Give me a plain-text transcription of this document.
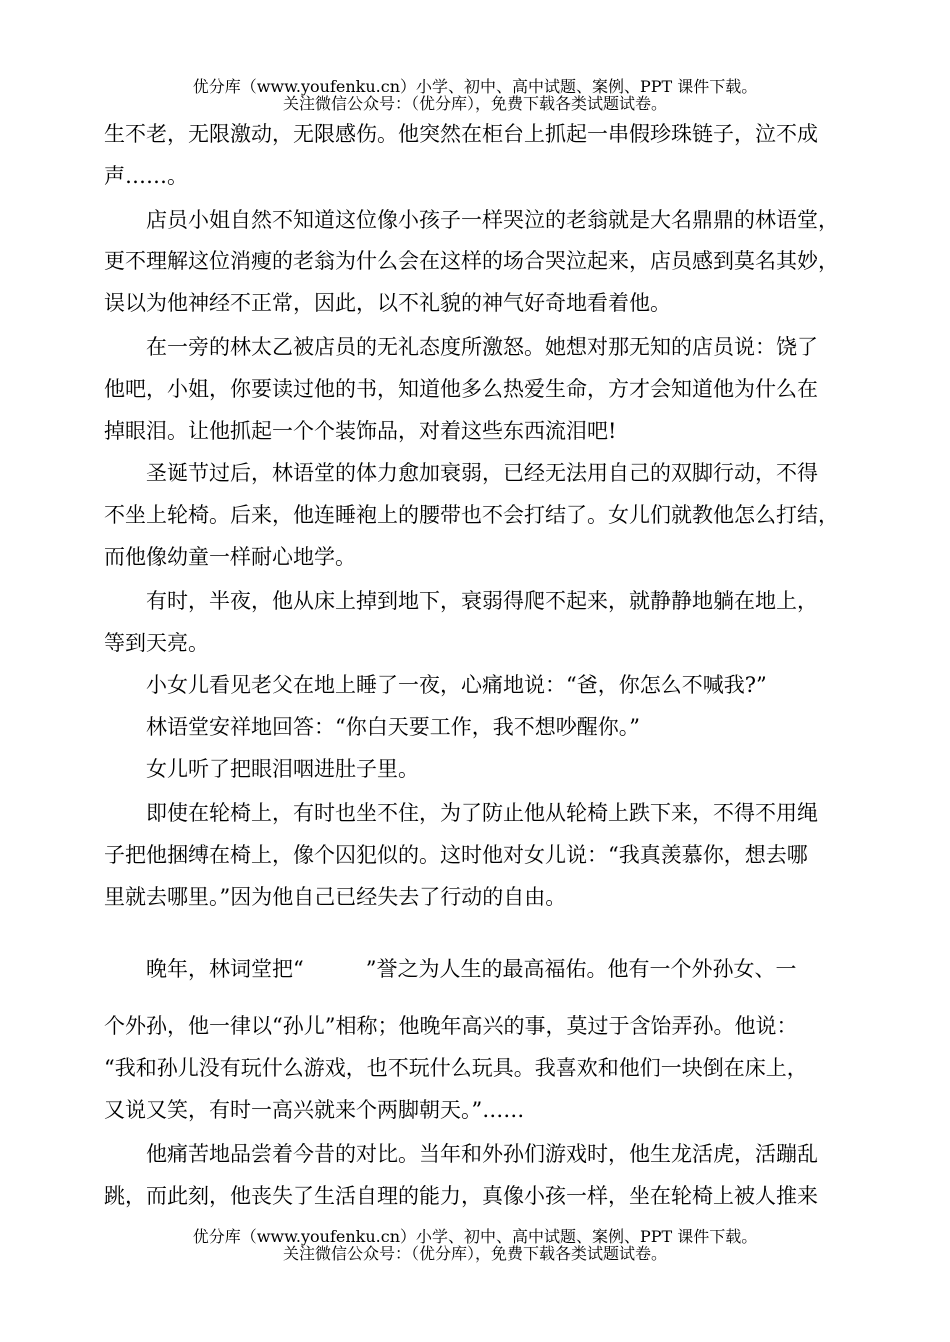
优分库（www.youfenku.cn）小学、初中、高中试题、案例、PPT 课件下载。
关注微信公众号：（优分库），免费下载各类试题试卷。
生不老，无限激动，无限感伤。他突然在柜台上抓起一串假珍珠链子，泣不成
声……。
店员小姐自然不知道这位像小孩子一样哭泣的老翁就是大名鼎鼎的林语堂，
更不理解这位消瘦的老翁为什么会在这样的场合哭泣起来，店员感到莫名其妙，
误以为他神经不正常，因此，以不礼貌的神气好奇地看着他。
在一旁的林太乙被店员的无礼态度所激怒。她想对那无知的店员说：饶了
他吧，小姐，你要读过他的书，知道他多么热爱生命，方才会知道他为什么在
掉眼泪。让他抓起一个个装饰品，对着这些东西流泪吧!
圣诞节过后，林语堂的体力愈加衰弱，已经无法用自己的双脚行动，不得
不坐上轮椅。后来，他连睡袍上的腰带也不会打结了。女儿们就教他怎么打结，
而他像幼童一样耐心地学。
有时，半夜，他从床上掉到地下，衰弱得爬不起来，就静静地躺在地上，
等到天亮。
小女儿看见老父在地上睡了一夜，心痛地说：“爸，你怎么不喊我?”
林语堂安祥地回答：“你白天要工作，我不想吵醒你。”
女儿听了把眼泪咽进肚子里。
即使在轮椅上，有时也坐不住，为了防止他从轮椅上跌下来，不得不用绳
子把他捆缚在椅上，像个囚犯似的。这时他对女儿说：“我真羡慕你，想去哪
里就去哪里。”因为他自己已经失去了行动的自由。
晚年，林词堂把“	”誉之为人生的最高福佑。他有一个外孙女、一
个外孙，他一律以“孙儿”相称；他晚年高兴的事，莫过于含饴弄孙。他说：
“我和孙儿没有玩什么游戏，也不玩什么玩具。我喜欢和他们一块倒在床上，
又说又笑，有时一高兴就来个两脚朝天。”……
他痛苦地品尝着今昔的对比。当年和外孙们游戏时，他生龙活虎，活蹦乱
跳，而此刻，他丧失了生活自理的能力，真像小孩一样，坐在轮椅上被人推来
优分库（www.youfenku.cn）小学、初中、高中试题、案例、PPT 课件下载。
关注微信公众号：（优分库），免费下载各类试题试卷。
